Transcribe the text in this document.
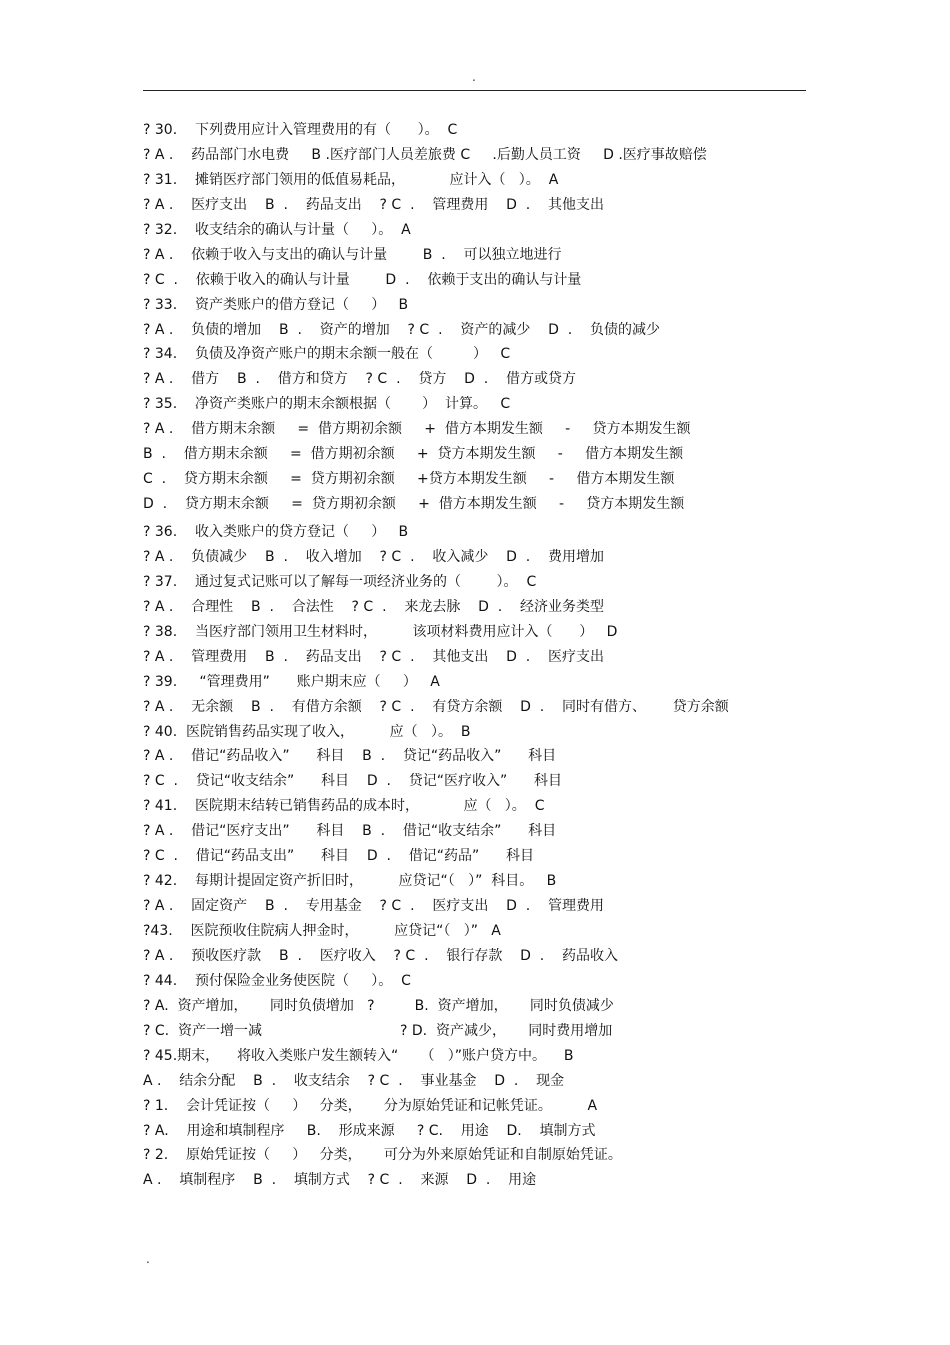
.
? 30.    下列费用应计入管理费用的有（      ）。  C
? A .    药品部门水电费     B .医疗部门人员差旅费 C     .后勤人员工资     D .医疗事故赔偿
? 31.    摊销医疗部门领用的低值易耗品，          应计入（   ）。  A
? A .    医疗支出    B  .    药品支出    ? C  .    管理费用    D  .    其他支出
? 32.    收支结余的确认与计量（     ）。  A
? A .    依赖于收入与支出的确认与计量        B  .    可以独立地进行
? C  .    依赖于收入的确认与计量        D  .    依赖于支出的确认与计量
? 33.    资产类账户的借方登记（     ）   B
? A .    负债的增加    B  .    资产的增加    ? C  .    资产的减少    D  .    负债的减少
? 34.    负债及净资产账户的期末余额一般在（         ）   C
? A .    借方    B  .    借方和贷方    ? C  .    贷方    D  .    借方或贷方
? 35.    净资产类账户的期末余额根据（       ）  计算。   C
? A .    借方期末余额     =  借方期初余额     +  借方本期发生额     -     贷方本期发生额
B  .    借方期末余额     =  借方期初余额     +  贷方本期发生额     -     借方本期发生额
C  .    贷方期末余额     =  贷方期初余额     +贷方本期发生额     -     借方本期发生额
D  .    贷方期末余额     =  贷方期初余额     +  借方本期发生额     -     贷方本期发生额
? 36.    收入类账户的贷方登记（     ）   B
? A .    负债减少    B  .    收入增加    ? C  .    收入减少    D  .    费用增加
? 37.    通过复式记账可以了解每一项经济业务的（        ）。  C
? A .    合理性    B  .    合法性    ? C  .    来龙去脉    D  .    经济业务类型
? 38.    当医疗部门领用卫生材料时，        该项材料费用应计入（      ）   D
? A .    管理费用    B  .    药品支出    ? C  .    其他支出    D  .    医疗支出
? 39.     “管理费用”      账户期末应（     ）   A
? A .    无余额    B  .    有借方余额    ? C  .    有贷方余额    D  .    同时有借方、      贷方余额
? 40.  医院销售药品实现了收入，        应（   ）。  B
? A .    借记“药品收入”      科目    B  .    贷记“药品收入”      科目
? C  .    贷记“收支结余”      科目    D  .    贷记“医疗收入”      科目
? 41.    医院期末结转已销售药品的成本时，          应（   ）。  C
? A .    借记“医疗支出”      科目    B  .    借记“收支结余”      科目
? C  .    借记“药品支出”      科目    D  .    借记“药品”      科目
? 42.    每期计提固定资产折旧时，        应贷记“（   ）”  科目。   B
? A .    固定资产    B  .    专用基金    ? C  .    医疗支出    D  .    管理费用
?43.    医院预收住院病人押金时，        应贷记“（   ）”   A
? A .    预收医疗款    B  .    医疗收入    ? C  .    银行存款    D  .    药品收入
? 44.    预付保险金业务使医院（     ）。  C
? A.  资产增加，     同时负债增加   ?         B.  资产增加，     同时负债减少
? C.  资产一增一减                               ? D.  资产减少，     同时费用增加
? 45.期末，    将收入类账户发生额转入“     （   ）”账户贷方中。    B
A .    结余分配    B  .    收支结余    ? C  .    事业基金    D  .    现金
? 1.    会计凭证按（     ）   分类，     分为原始凭证和记帐凭证。        A
? A.    用途和填制程序     B.    形成来源     ? C.    用途    D.    填制方式
? 2.    原始凭证按（     ）   分类，     可分为外来原始凭证和自制原始凭证。
A .    填制程序    B  .    填制方式    ? C  .    来源    D  .    用途
.
